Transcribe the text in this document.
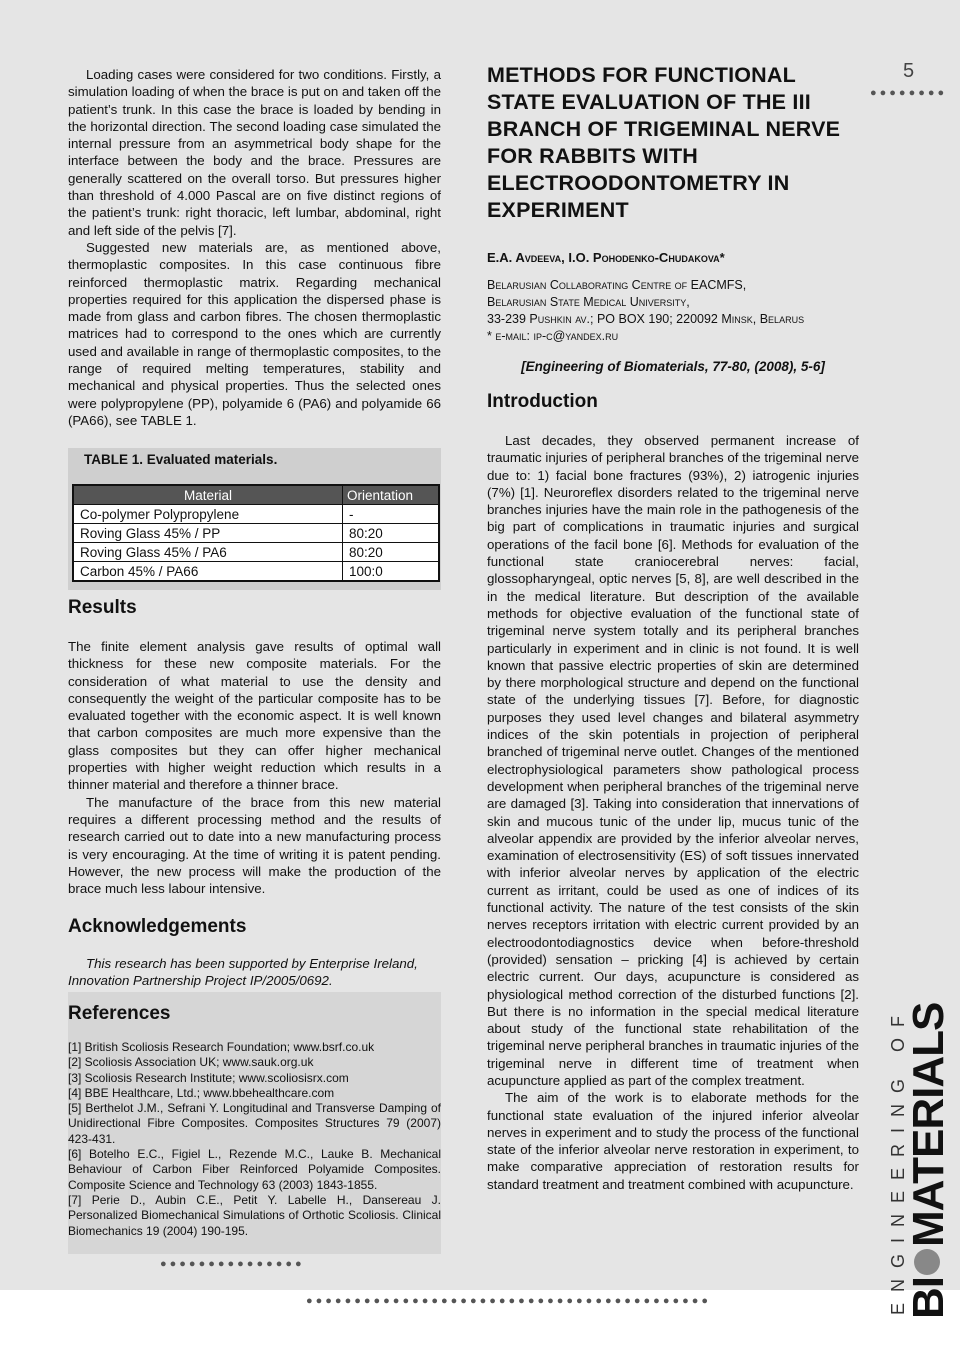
5
●●●●●●●●

Loading cases were considered for two conditions. Firstly, a simulation loading of when the brace is put on and taken off the patient’s trunk. In this case the brace is loaded by bending in the horizontal direction. The second loading case simulated the internal pressure from an asymmetrical body shape for the interface between the body and the brace. Pressures are generally scattered on the overall torso. But pressures higher than threshold of 4.000 Pascal are on five distinct regions of the patient’s trunk: right thoracic, left lumbar, abdominal, right and left side of the pelvis [7].

Suggested new materials are, as mentioned above, thermoplastic composites. In this case continuous fibre reinforced thermoplastic matrix. Regarding mechanical properties required for this application the dispersed phase is made from glass and carbon fibres. The chosen thermoplastic matrices had to correspond to the ones which are currently used and available in range of thermoplastic composites, to the range of required melting temperatures, stability and mechanical and physical properties. Thus the selected ones were polypropylene (PP), polyamide 6 (PA6) and polyamide 66 (PA66), see TABLE 1.

TABLE 1. Evaluated materials.
Material	Orientation
Co-polymer Polypropylene	-
Roving Glass 45% / PP	80:20
Roving Glass 45% / PA6	80:20
Carbon 45% / PA66	100:0
Results

The finite element analysis gave results of optimal wall thickness for these new composite materials. For the consideration of what material to use the density and consequently the weight of the particular composite has to be evaluated together with the economic aspect. It is well known that carbon composites are much more expensive than the glass composites but they can offer higher mechanical properties with higher weight reduction which results in a thinner material and therefore a thinner brace.

The manufacture of the brace from this new material requires a different processing method and the results of research carried out to date into a new manufacturing process is very encouraging. At the time of writing it is patent pending. However, the new process will make the production of the brace much less labour intensive.

Acknowledgements
This research has been supported by Enterprise Ireland, Innovation Partnership Project IP/2005/0692.
References
[1] British Scoliosis Research Foundation; www.bsrf.co.uk
[2] Scoliosis Association UK; www.sauk.org.uk
[3] Scoliosis Research Institute; www.scoliosisrx.com
[4] BBE Healthcare, Ltd.; www.bbehealthcare.com
[5] Berthelot J.M., Sefrani Y. Longitudinal and Transverse Damping of Unidirectional Fibre Composites. Composites Structures 79 (2007) 423-431.
[6] Botelho E.C., Figiel L., Rezende M.C., Lauke B. Mechanical Behaviour of Carbon Fiber Reinforced Polyamide Composites. Composite Science and Technology 63 (2003) 1843-1855.
[7] Perie D., Aubin C.E., Petit Y. Labelle H., Dansereau J. Personalized Biomechanical Simulations of Orthotic Scoliosis. Clinical Biomechanics 19 (2004) 190-195.
●●●●●●●●●●●●●●●
●●●●●●●●●●●●●●●●●●●●●●●●●●●●●●●●●●●●●●●●●●
METHODS FOR FUNCTIONAL STATE EVALUATION OF THE III BRANCH OF TRIGEMINAL NERVE FOR RABBITS WITH ELECTROODONTOMETRY IN EXPERIMENT
E.A. Avdeeva, I.O. Pohodenko-Chudakova*
Belarusian Collaborating Centre of EACMFS,
Belarusian State Medical University,
33-239 Pushkin av.; PO BOX 190; 220092 Minsk, Belarus
* e-mail: ip-c@yandex.ru
[Engineering of Biomaterials, 77-80, (2008), 5-6]
Introduction

Last decades, they observed permanent increase of traumatic injuries of peripheral branches of the trigeminal nerve due to: 1) facial bone fractures (93%), 2) iatrogenic injuries (7%) [1]. Neuroreflex disorders related to the trigeminal nerve branches injuries have the main role in the pathogenesis of the big part of complications in traumatic injuries and surgical operations of the facil bone [6]. Methods for evaluation of the functional state craniocerebral nerves: facial, glossopharyngeal, optic nerves [5, 8], are well described in the in the medical literature. But description of the available methods for objective evaluation of the functional state of trigeminal nerve system totally and its peripheral branches particularly in experiment and in clinic is not found. It is well known that passive electric properties of skin are determined by there morphological structure and depend on the functional state of the underlying tissues [7]. Before, for diagnostic purposes they used level changes and bilateral asymmetry indices of the skin potentials in projection of peripheral branched of trigeminal nerve outlet. Changes of the mentioned electrophysiological parameters show pathological process development when peripheral branches of the trigeminal nerve are damaged [3]. Taking into consideration that innervations of skin and mucous tunic of the under lip, mucus tunic of the alveolar appendix are provided by the inferior alveolar nerves, examination of electrosensitivity (ES) of soft tissues innervated with inferior alveolar nerves by application of the electric current as irritant, could be used as one of indices of its functional activity. The nature of the test consists of the skin nerves receptors irritation with electric current provided by an electroodontodiagnostics device when before-threshold (provided) sensation – pricking [4] is achieved by certain electric current. Our days, acupuncture is considered as physiological method correction of the disturbed functions [2]. But there is no information in the special medical literature about study of the functional state rehabilitation of the trigeminal nerve peripheral branches in traumatic injuries of the trigeminal nerve in different time of treatment when acupuncture applied as part of the complex treatment.

The aim of the work is to elaborate methods for the functional state evaluation of the injured inferior alveolar nerves in experiment and to study the process of the functional state of the inferior alveolar nerve restoration in experiment, to make comparative appreciation of restoration results for standard treatment and treatment combined with acupuncture. ENGINEERING OF
BIMATERIALS
